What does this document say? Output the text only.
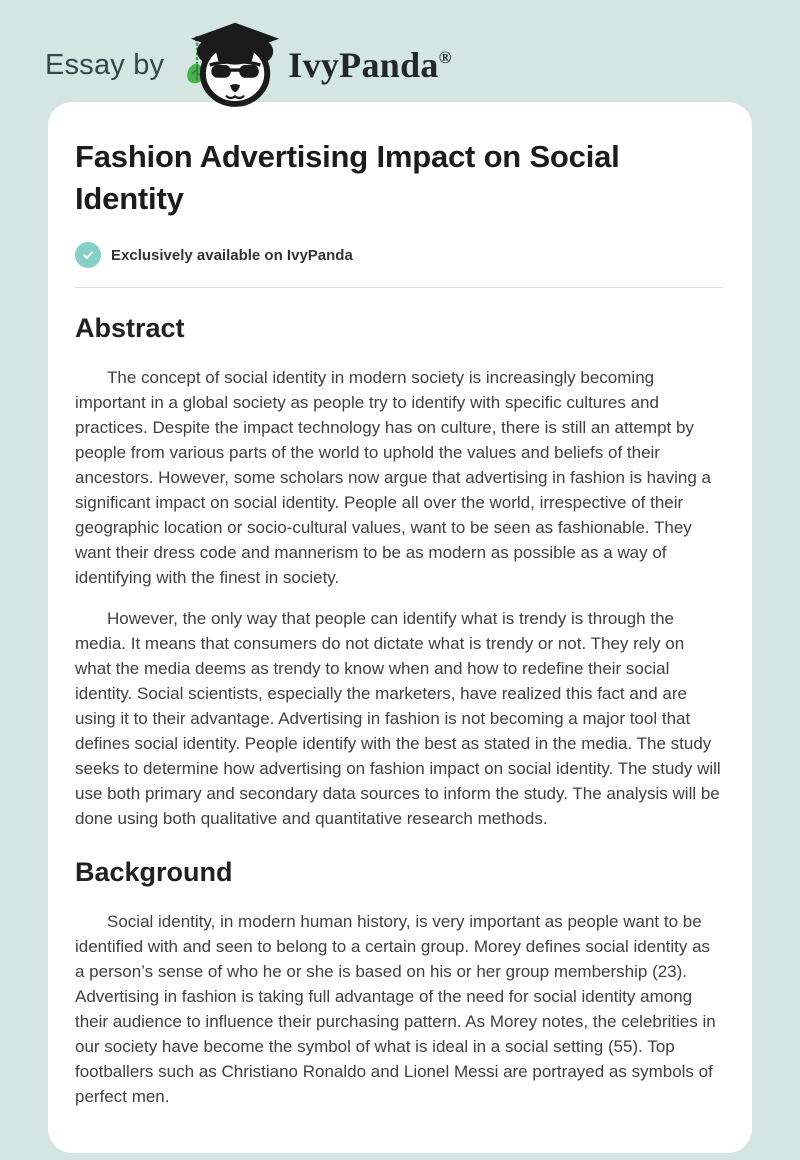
Essay by	IvyPanda®
Fashion Advertising Impact on Social Identity
Exclusively available on IvyPanda
Abstract

The concept of social identity in modern society is increasingly becoming important in a global society as people try to identify with specific cultures and practices. Despite the impact technology has on culture, there is still an attempt by people from various parts of the world to uphold the values and beliefs of their ancestors. However, some scholars now argue that advertising in fashion is having a significant impact on social identity. People all over the world, irrespective of their geographic location or socio-cultural values, want to be seen as fashionable. They want their dress code and mannerism to be as modern as possible as a way of identifying with the finest in society.

However, the only way that people can identify what is trendy is through the media. It means that consumers do not dictate what is trendy or not. They rely on what the media deems as trendy to know when and how to redefine their social identity. Social scientists, especially the marketers, have realized this fact and are using it to their advantage. Advertising in fashion is not becoming a major tool that defines social identity. People identify with the best as stated in the media. The study seeks to determine how advertising on fashion impact on social identity. The study will use both primary and secondary data sources to inform the study. The analysis will be done using both qualitative and quantitative research methods.

Background

Social identity, in modern human history, is very important as people want to be identified with and seen to belong to a certain group. Morey defines social identity as a person’s sense of who he or she is based on his or her group membership (23). Advertising in fashion is taking full advantage of the need for social identity among their audience to influence their purchasing pattern. As Morey notes, the celebrities in our society have become the symbol of what is ideal in a social setting (55). Top footballers such as Christiano Ronaldo and Lionel Messi are portrayed as symbols of perfect men.
